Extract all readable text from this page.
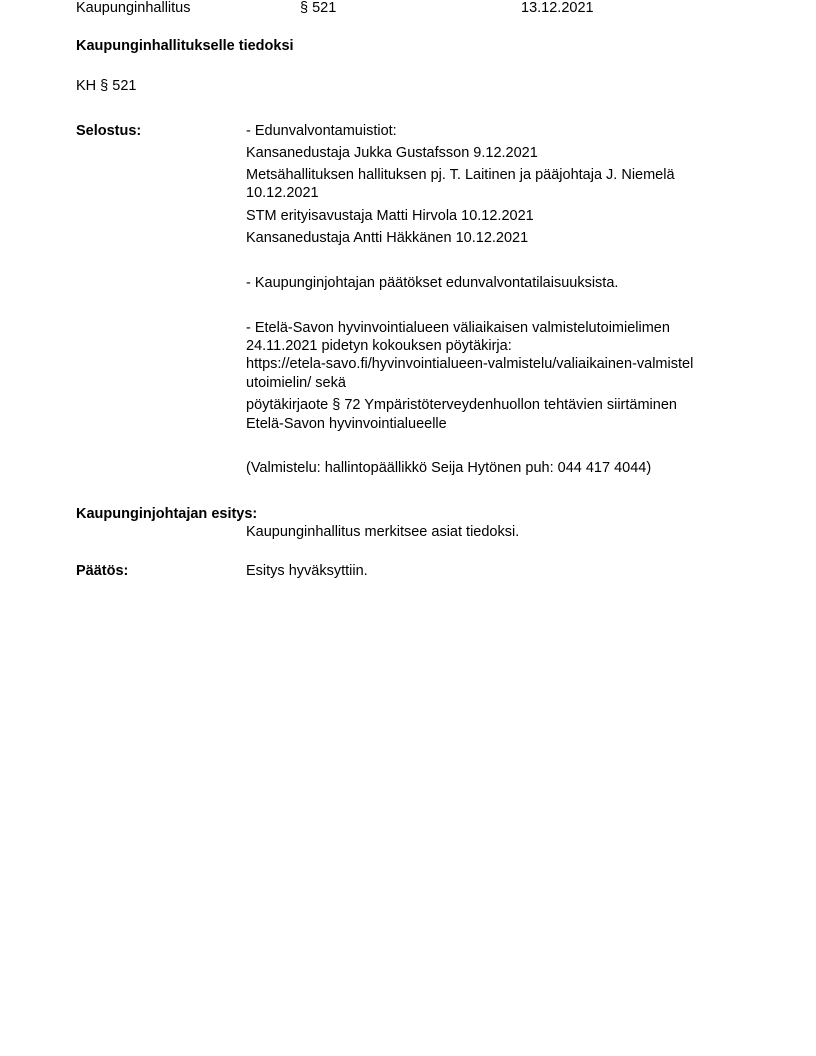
Kaupunginhallitus	§ 521	13.12.2021
Kaupunginhallitukselle tiedoksi
KH § 521
Selostus:	- Edunvalvontamuistiot:
Kansanedustaja Jukka Gustafsson 9.12.2021
Metsähallituksen hallituksen pj. T. Laitinen ja pääjohtaja J. Niemelä
10.12.2021
STM erityisavustaja Matti Hirvola 10.12.2021
Kansanedustaja Antti Häkkänen 10.12.2021
- Kaupunginjohtajan päätökset edunvalvontatilaisuuksista.
- Etelä-Savon hyvinvointialueen väliaikaisen valmistelutoimielimen
24.11.2021 pidetyn kokouksen pöytäkirja:
https://etela-savo.fi/hyvinvointialueen-valmistelu/valiaikainen-valmistel
utoimielin/ sekä
pöytäkirjaote § 72 Ympäristöterveydenhuollon tehtävien siirtäminen
Etelä-Savon hyvinvointialueelle
(Valmistelu: hallintopäällikkö Seija Hytönen puh: 044 417 4044)
Kaupunginjohtajan esitys:
Kaupunginhallitus merkitsee asiat tiedoksi.
Päätös:	Esitys hyväksyttiin.
